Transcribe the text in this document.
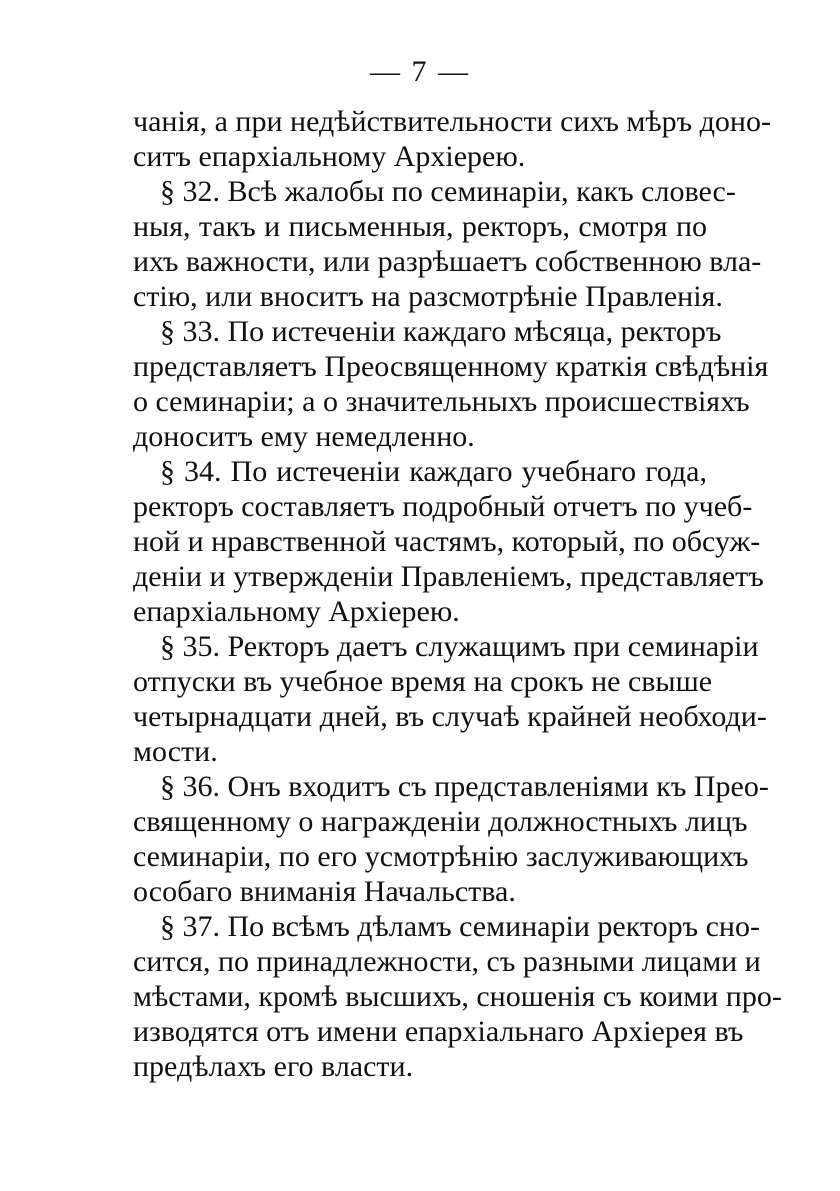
— 7 —
чанія, а при недѣйствительности сихъ мѣръ доно-
ситъ епархіальному Архіерею.
§ 32. Всѣ жалобы по семинаріи, какъ словес-
ныя, такъ и письменныя, ректоръ, смотря по
ихъ важности, или разрѣшаетъ собственною вла-
стію, или вноситъ на разсмотрѣніе Правленія.
§ 33. По истеченіи каждаго мѣсяца, ректоръ
представляетъ Преосвященному краткія свѣдѣнія
о семинаріи; а о значительныхъ происшествіяхъ
доноситъ ему немедленно.
§ 34. По истеченіи каждаго учебнаго года,
ректоръ составляетъ подробный отчетъ по учеб-
ной и нравственной частямъ, который, по обсуж-
деніи и утвержденіи Правленіемъ, представляетъ
епархіальному Архіерею.
§ 35. Ректоръ даетъ служащимъ при семинаріи
отпуски въ учебное время на срокъ не свыше
четырнадцати дней, въ случаѣ крайней необходи-
мости.
§ 36. Онъ входитъ съ представленіями къ Прео-
священному о награжденіи должностныхъ лицъ
семинаріи, по его усмотрѣнію заслуживающихъ
особаго вниманія Начальства.
§ 37. По всѣмъ дѣламъ семинаріи ректоръ сно-
сится, по принадлежности, съ разными лицами и
мѣстами, кромѣ высшихъ, сношенія съ коими про-
изводятся отъ имени епархіальнаго Архіерея въ
предѣлахъ его власти.
